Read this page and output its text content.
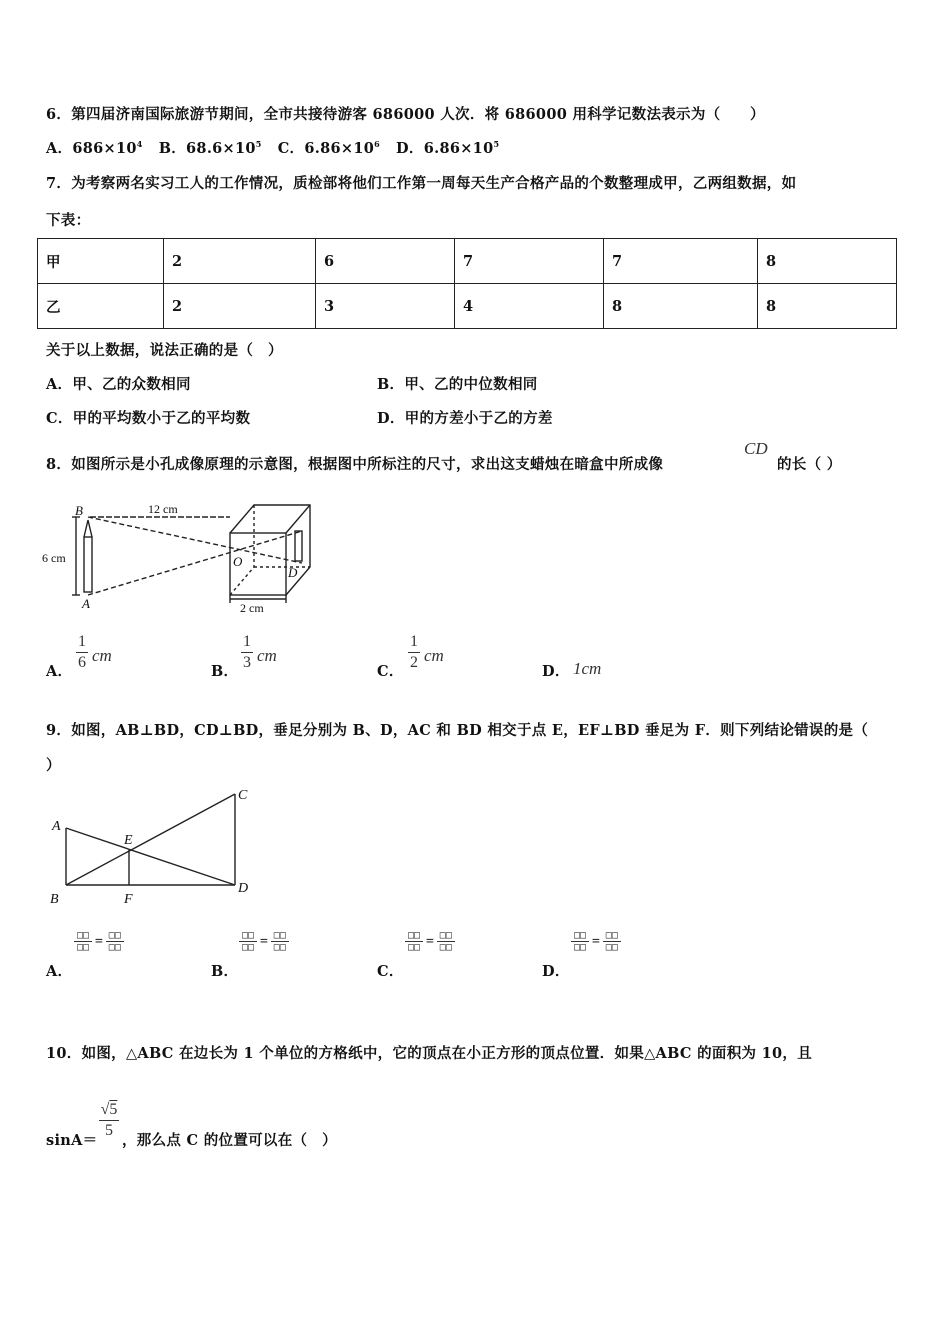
6．第四届济南国际旅游节期间，全市共接待游客 686000 人次．将 686000 用科学记数法表示为（　　）
A．$686\times 10^4$ B．$68.6\times 10^5$ C．$6.86\times 10^6$ D．$6.86\times 10^5$
7．为考察两名实习工人的工作情况，质检部将他们工作第一周每天生产合格产品的个数整理成甲，乙两组数据，如
下表：
甲	2	6	7	7	8
乙	2	3	4	8	8
关于以上数据，说法正确的是（　）
A．甲、乙的众数相同	B．甲、乙的中位数相同
C．甲的平均数小于乙的平均数	D．甲的方差小于乙的方差
8．如图所示是小孔成像原理的示意图，根据图中所标注的尺寸，求出这支蜡烛在暗盒中所成像
CD
的长（ ）
B
A
O
D
12 cm
6 cm
2 cm
A．
1
6 cm
B．
1
3 cm
C．
1
2 cm
D． 1cm
9．如图，AB⊥BD，CD⊥BD，垂足分别为 B、D，AC 和 BD 相交于点 E，EF⊥BD 垂足为 F．则下列结论错误的是（
）
A
B
C
D
E
F
□□
□□ = □□
□□
A．
□□
□□ = □□
□□
B．
□□
□□ = □□
□□
C．
□□
□□ = □□
□□
D．
10．如图，△ABC 在边长为 1 个单位的方格纸中，它的顶点在小正方形的顶点位置．如果△ABC 的面积为 10，且
sinA＝
√5
5
，那么点 C 的位置可以在（　）
